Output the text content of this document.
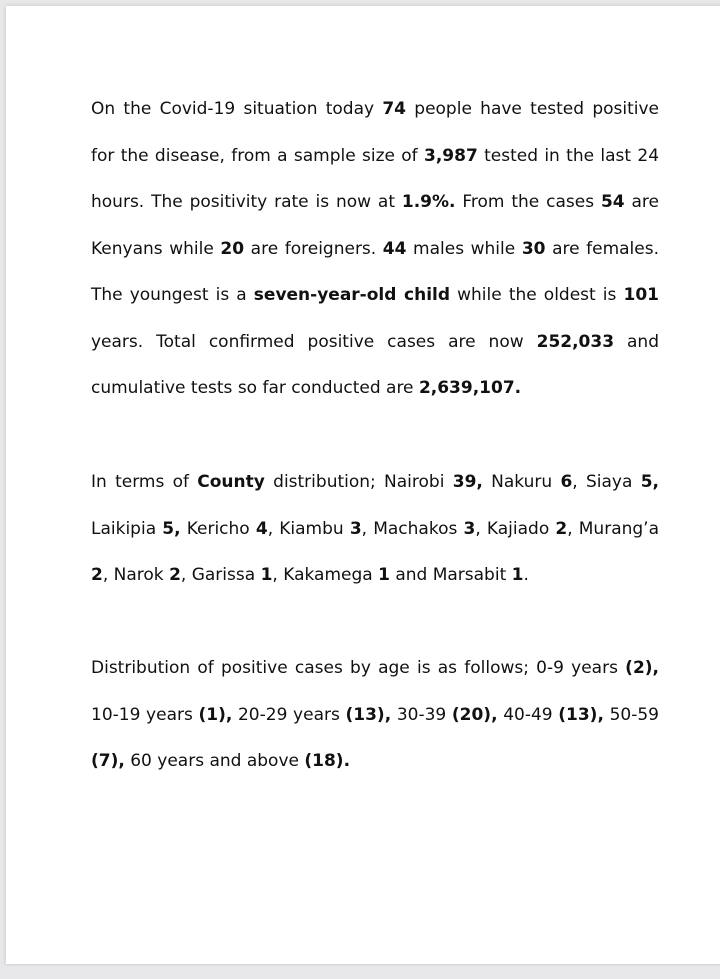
On the Covid-19 situation today 74 people have tested positive for the disease, from a sample size of 3,987 tested in the last 24 hours. The positivity rate is now at 1.9%. From the cases 54 are Kenyans while 20 are foreigners. 44 males while 30 are females. The youngest is a seven-year-old child while the oldest is 101 years. Total confirmed positive cases are now 252,033 and cumulative tests so far conducted are 2,639,107.

In terms of County distribution; Nairobi 39, Nakuru 6, Siaya 5, Laikipia 5, Kericho 4, Kiambu 3, Machakos 3, Kajiado 2, Murang’a 2, Narok 2, Garissa 1, Kakamega 1 and Marsabit 1.

Distribution of positive cases by age is as follows; 0-9 years (2), 10-19 years (1), 20-29 years (13), 30-39 (20), 40-49 (13), 50-59 (7), 60 years and above (18).
